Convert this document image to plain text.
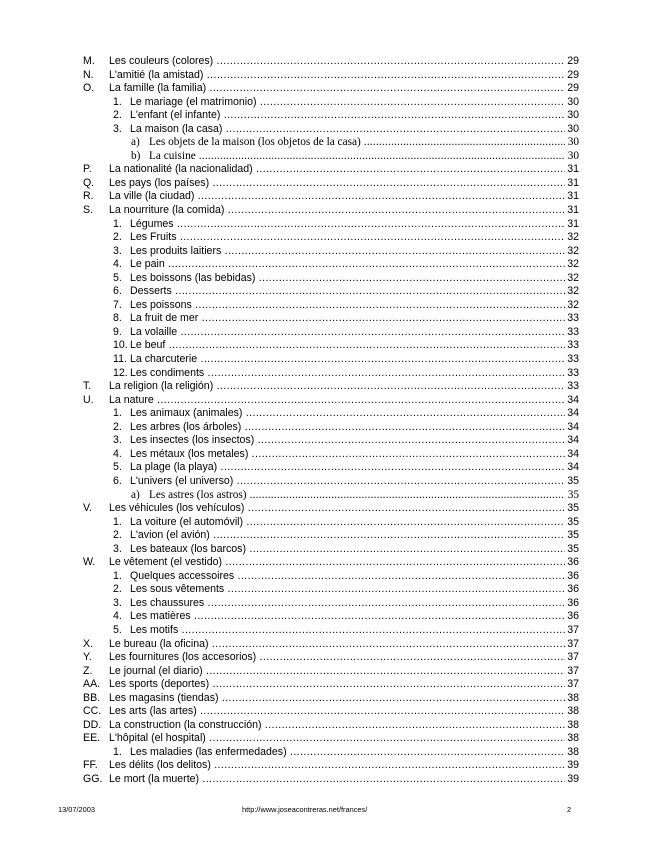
M. Les couleurs (colores) .....	29
N. L'amitié (la amistad) .....	29
O. La famille (la familia) .....	29
1. Le mariage (el matrimonio) .....	30
2. L'enfant (el infante) .....	30
3. La maison (la casa) .....	30
a) Les objets de la maison (los objetos de la casa) .....	30
b) La cuisine .....	30
P. La nationalité (la nacionalidad) .....	31
Q. Les pays (los países) .....	31
R. La ville (la ciudad) .....	31
S. La nourriture (la comida) .....	31
1. Légumes .....	31
2. Les Fruits .....	32
3. Les produits laitiers .....	32
4. Le pain .....	32
5. Les boissons (las bebidas) .....	32
6. Desserts .....	32
7. Les poissons .....	32
8. La fruit de mer .....	33
9. La volaille .....	33
10. Le beuf .....	33
11. La charcuterie .....	33
12. Les condiments .....	33
T. La religion (la religión) .....	33
U. La nature .....	34
1. Les animaux (animales) .....	34
2. Les arbres (los árboles) .....	34
3. Les insectes (los insectos) .....	34
4. Les métaux (los metales) .....	34
5. La plage (la playa) .....	34
6. L'univers (el universo) .....	35
a) Les astres (los astros) .....	35
V. Les véhicules (los vehículos) .....	35
1. La voiture (el automóvil) .....	35
2. L'avion (el avión) .....	35
3. Les bateaux (los barcos) .....	35
W. Le vêtement (el vestido) .....	36
1. Quelques accessoires .....	36
2. Les sous vêtements .....	36
3. Les chaussures .....	36
4. Les matières .....	36
5. Les motifs .....	37
X. Le bureau (la oficina) .....	37
Y. Les fournitures (los accesorios) .....	37
Z. Le journal (el diario) .....	37
AA. Les sports (deportes) .....	37
BB. Les magasins (tiendas) .....	38
CC. Les arts (las artes) .....	38
DD. La construction (la construcción) .....	38
EE. L'hôpital (el hospital) .....	38
1. Les maladies (las enfermedades) .....	38
FF. Les délits (los delitos) .....	39
GG. Le mort (la muerte) .....	39
13/07/2003	http://www.joseacontreras.net/frances/	2
